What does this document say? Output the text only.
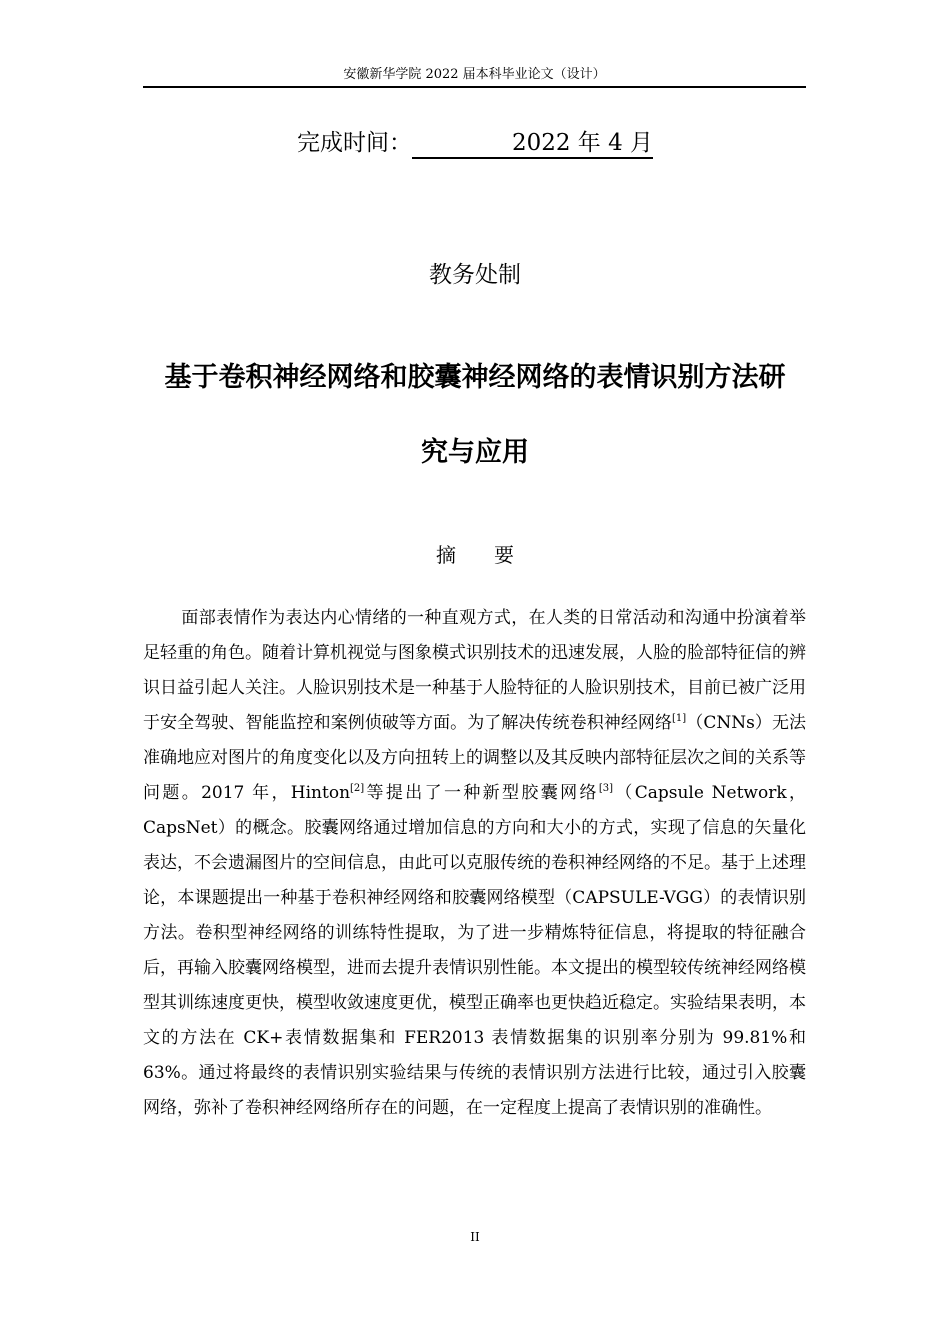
安徽新华学院 2022 届本科毕业论文（设计）
完成时间：	2022 年 4 月
教务处制
基于卷积神经网络和胶囊神经网络的表情识别方法研
究与应用
摘 要

面部表情作为表达内心情绪的一种直观方式，在人类的日常活动和沟通中扮演着举足轻重的角色。随着计算机视觉与图象模式识别技术的迅速发展，人脸的脸部特征信的辨识日益引起人关注。人脸识别技术是一种基于人脸特征的人脸识别技术，目前已被广泛用于安全驾驶、智能监控和案例侦破等方面。为了解决传统卷积神经网络[1]（CNNs）无法准确地应对图片的角度变化以及方向扭转上的调整以及其反映内部特征层次之间的关系等问题。2017 年，Hinton[2]等提出了一种新型胶囊网络[3]（Capsule Network，CapsNet）的概念。胶囊网络通过增加信息的方向和大小的方式，实现了信息的矢量化表达，不会遗漏图片的空间信息，由此可以克服传统的卷积神经网络的不足。基于上述理论，本课题提出一种基于卷积神经网络和胶囊网络模型（CAPSULE-VGG）的表情识别方法。卷积型神经网络的训练特性提取，为了进一步精炼特征信息，将提取的特征融合后，再输入胶囊网络模型，进而去提升表情识别性能。本文提出的模型较传统神经网络模型其训练速度更快，模型收敛速度更优，模型正确率也更快趋近稳定。实验结果表明，本文的方法在 CK+表情数据集和 FER2013 表情数据集的识别率分别为 99.81%和 63%。通过将最终的表情识别实验结果与传统的表情识别方法进行比较，通过引入胶囊网络，弥补了卷积神经网络所存在的问题，在一定程度上提高了表情识别的准确性。

II
